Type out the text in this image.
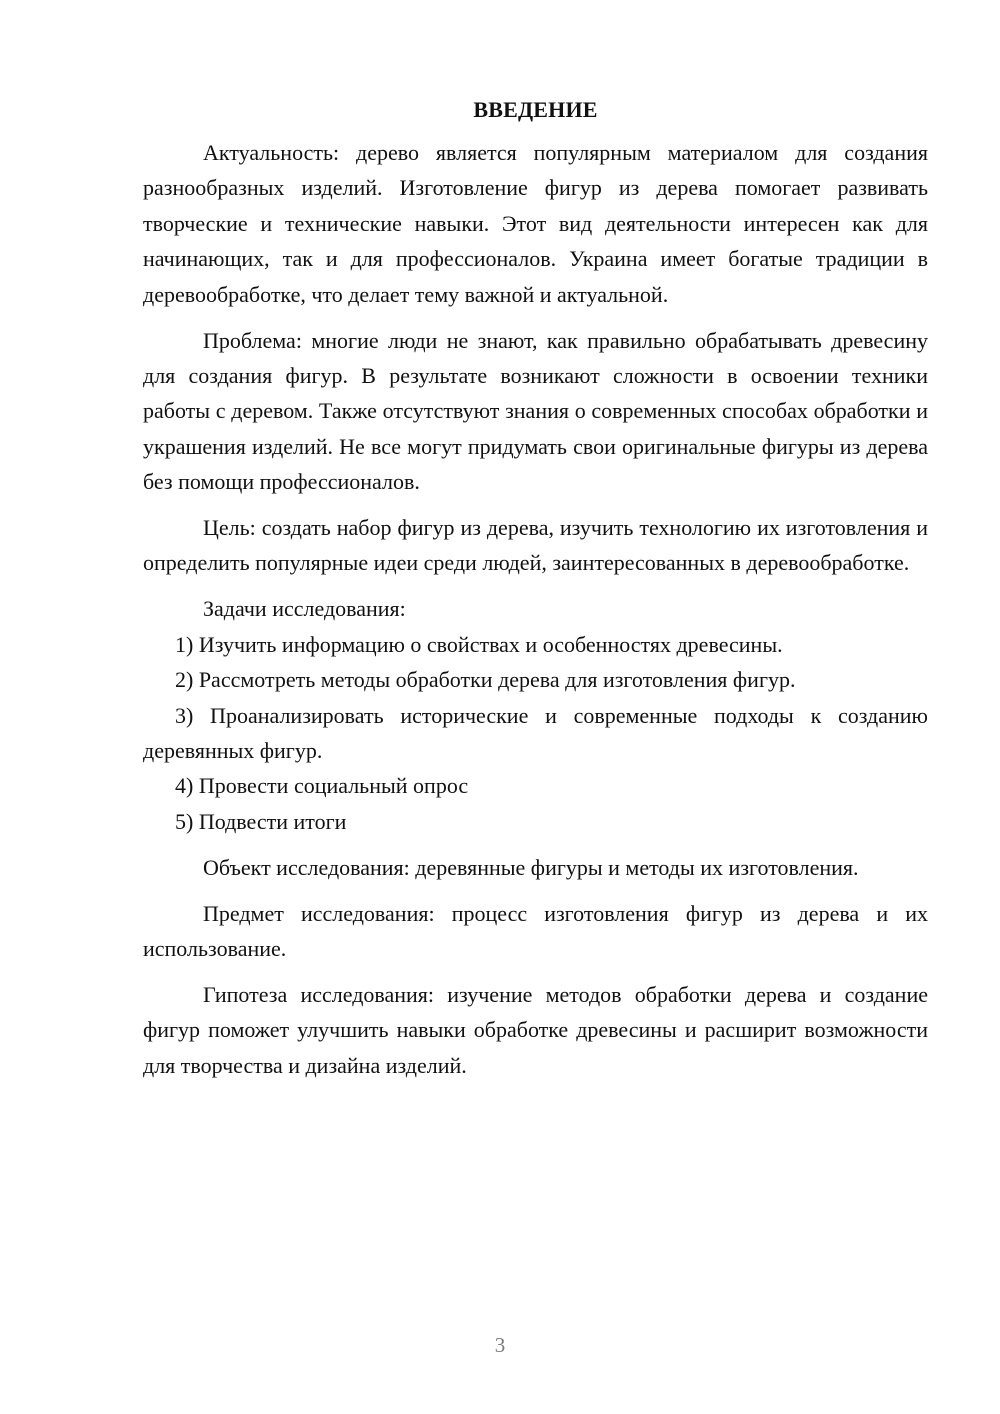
ВВЕДЕНИЕ

Актуальность: дерево является популярным материалом для создания разнообразных изделий. Изготовление фигур из дерева помогает развивать творческие и технические навыки. Этот вид деятельности интересен как для начинающих, так и для профессионалов. Украина имеет богатые традиции в деревообработке, что делает тему важной и актуальной.

Проблема: многие люди не знают, как правильно обрабатывать древесину для создания фигур. В результате возникают сложности в освоении техники работы с деревом. Также отсутствуют знания о современных способах обработки и украшения изделий. Не все могут придумать свои оригинальные фигуры из дерева без помощи профессионалов.

Цель: создать набор фигур из дерева, изучить технологию их изготовления и определить популярные идеи среди людей, заинтересованных в деревообработке.

Задачи исследования:

1) Изучить информацию о свойствах и особенностях древесины.

2) Рассмотреть методы обработки дерева для изготовления фигур.

3) Проанализировать исторические и современные подходы к созданию деревянных фигур.

4) Провести социальный опрос

5) Подвести итоги

Объект исследования: деревянные фигуры и методы их изготовления.

Предмет исследования: процесс изготовления фигур из дерева и их использование.

Гипотеза исследования: изучение методов обработки дерева и создание фигур поможет улучшить навыки обработке древесины и расширит возможности для творчества и дизайна изделий.

3
